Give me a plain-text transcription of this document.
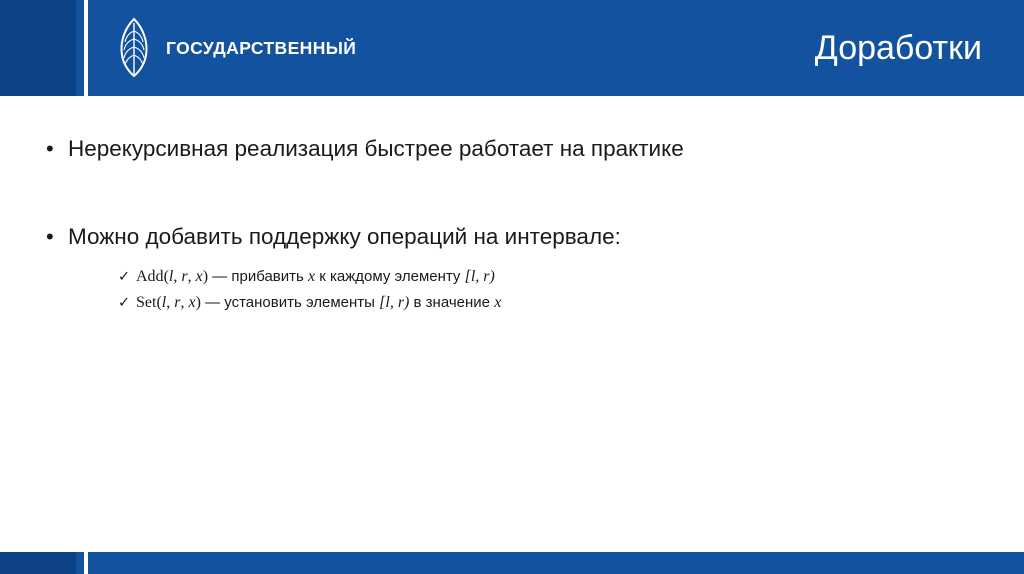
ГОСУДАРСТВЕННЫЙ

УНИВЕРСИТЕТ

Доработки
• Нерекурсивная реализация быстрее работает на практике
• Можно добавить поддержку операций на интервале:
✓ Add(l, r, x) — прибавить x к каждому элементу [l, r)
✓ Set(l, r, x) — установить элементы [l, r) в значение x
